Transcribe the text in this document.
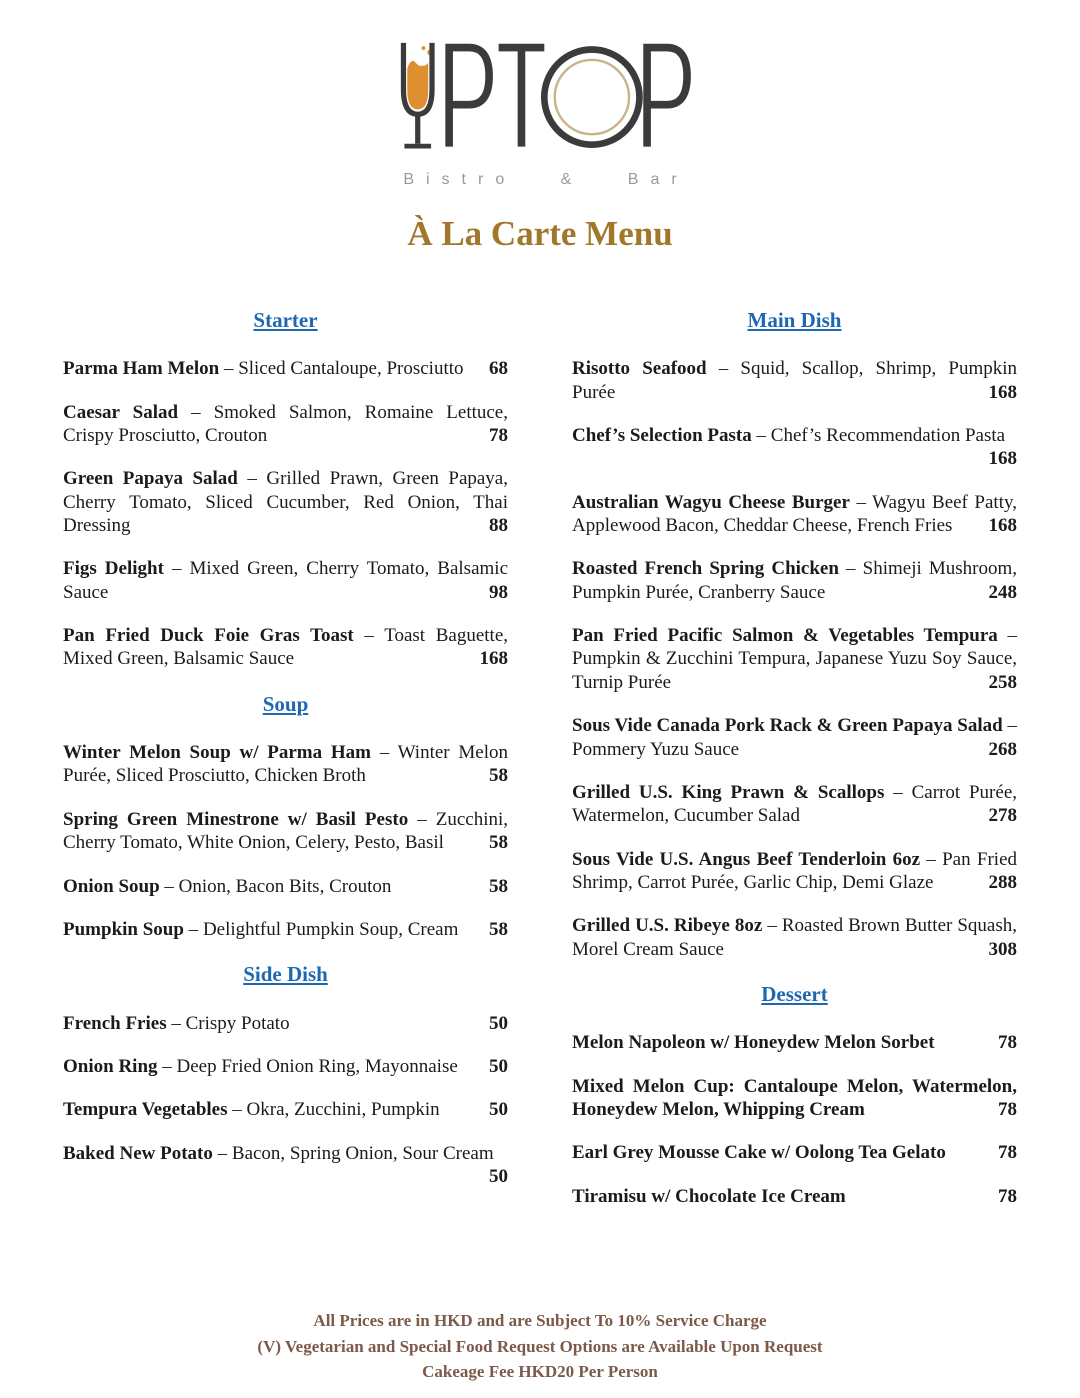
Bistro & Bar
À La Carte Menu
Starter

Parma Ham Melon – Sliced Cantaloupe, Prosciutto	68

Caesar Salad – Smoked Salmon, Romaine Lettuce, Crispy Prosciutto, Crouton	78

Green Papaya Salad – Grilled Prawn, Green Papaya, Cherry Tomato, Sliced Cucumber, Red Onion, Thai Dressing	88

Figs Delight – Mixed Green, Cherry Tomato, Balsamic Sauce	98

Pan Fried Duck Foie Gras Toast – Toast Baguette, Mixed Green, Balsamic Sauce	168

Soup

Winter Melon Soup w/ Parma Ham – Winter Melon Purée, Sliced Prosciutto, Chicken Broth	58

Spring Green Minestrone w/ Basil Pesto – Zucchini, Cherry Tomato, White Onion, Celery, Pesto, Basil	58

Onion Soup – Onion, Bacon Bits, Crouton	58

Pumpkin Soup – Delightful Pumpkin Soup, Cream	58

Side Dish

French Fries – Crispy Potato	50

Onion Ring – Deep Fried Onion Ring, Mayonnaise	50

Tempura Vegetables – Okra, Zucchini, Pumpkin	50

Baked New Potato – Bacon, Spring Onion, Sour Cream
50

Main Dish

Risotto Seafood – Squid, Scallop, Shrimp, Pumpkin Purée	168

Chef’s Selection Pasta – Chef’s Recommendation Pasta
168

Australian Wagyu Cheese Burger – Wagyu Beef Patty, Applewood Bacon, Cheddar Cheese, French Fries	168

Roasted French Spring Chicken – Shimeji Mushroom, Pumpkin Purée, Cranberry Sauce	248

Pan Fried Pacific Salmon & Vegetables Tempura – Pumpkin & Zucchini Tempura, Japanese Yuzu Soy Sauce, Turnip Purée	258

Sous Vide Canada Pork Rack & Green Papaya Salad – Pommery Yuzu Sauce	268

Grilled U.S. King Prawn & Scallops – Carrot Purée, Watermelon, Cucumber Salad	278

Sous Vide U.S. Angus Beef Tenderloin 6oz – Pan Fried Shrimp, Carrot Purée, Garlic Chip, Demi Glaze	288

Grilled U.S. Ribeye 8oz – Roasted Brown Butter Squash, Morel Cream Sauce	308

Dessert

Melon Napoleon w/ Honeydew Melon Sorbet	78

Mixed Melon Cup: Cantaloupe Melon, Watermelon, Honeydew Melon, Whipping Cream	78

Earl Grey Mousse Cake w/ Oolong Tea Gelato	78

Tiramisu w/ Chocolate Ice Cream	78

All Prices are in HKD and are Subject To 10% Service Charge
(V) Vegetarian and Special Food Request Options are Available Upon Request
Cakeage Fee HKD20 Per Person
